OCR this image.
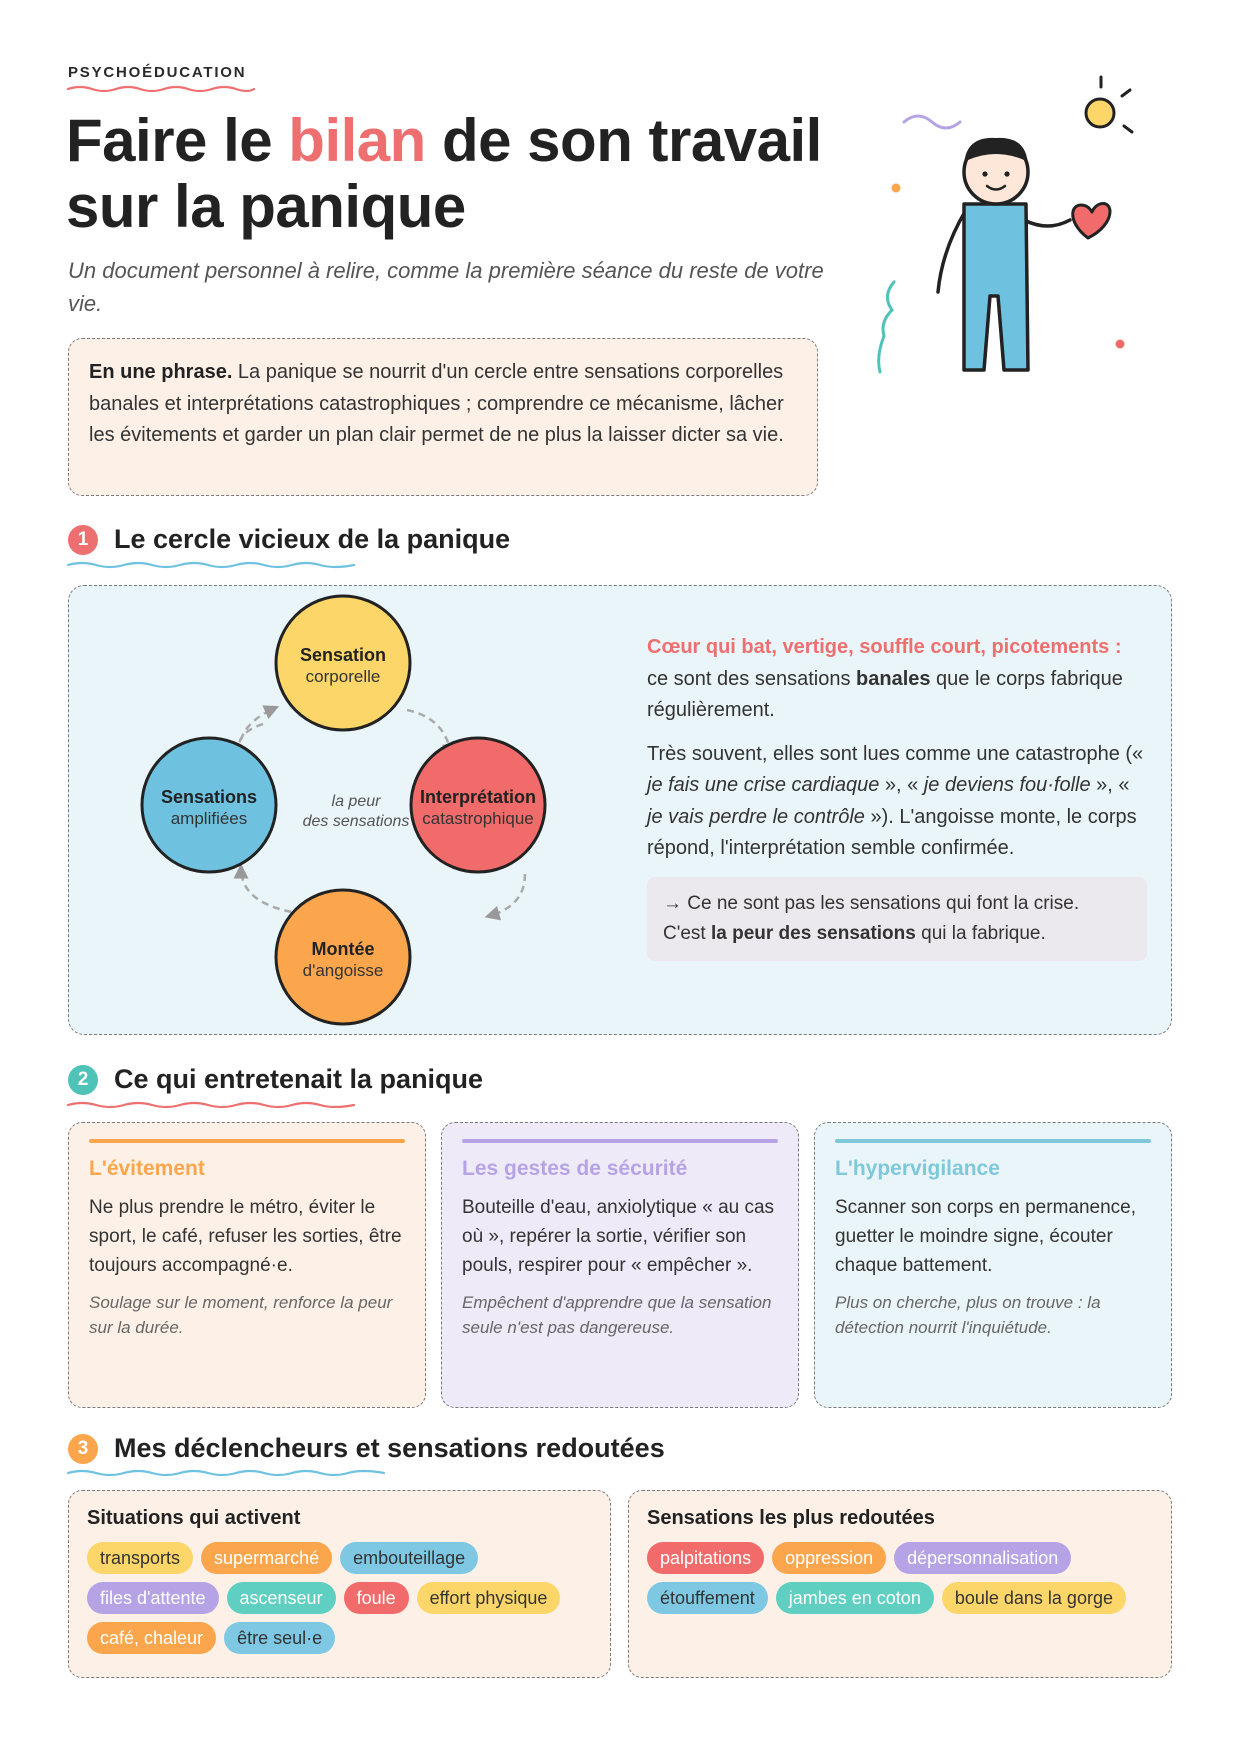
PSYCHOÉDUCATION
Faire le bilan de son travail sur la panique
Un document personnel à relire, comme la première séance du reste de votre vie.
En une phrase. La panique se nourrit d'un cercle entre sensations corporelles banales et interprétations catastrophiques ; comprendre ce mécanisme, lâcher les évitements et garder un plan clair permet de ne plus la laisser dicter sa vie.
1 Le cercle vicieux de la panique
Sensation
corporelle
Interprétation
catastrophique
Montée
d'angoisse
Sensations
amplifiées
la peur
des sensations

Cœur qui bat, vertige, souffle court, picotements : ce sont des sensations banales que le corps fabrique régulièrement.

Très souvent, elles sont lues comme une catastrophe (« je fais une crise cardiaque », « je deviens fou·folle », « je vais perdre le contrôle »). L'angoisse monte, le corps répond, l'interprétation semble confirmée.

→ Ce ne sont pas les sensations qui font la crise.
C'est la peur des sensations qui la fabrique.
2 Ce qui entretenait la panique
L'évitement
Ne plus prendre le métro, éviter le sport, le café, refuser les sorties, être toujours accompagné·e.
Soulage sur le moment, renforce la peur sur la durée.
Les gestes de sécurité
Bouteille d'eau, anxiolytique « au cas où », repérer la sortie, vérifier son pouls, respirer pour « empêcher ».
Empêchent d'apprendre que la sensation seule n'est pas dangereuse.
L'hypervigilance
Scanner son corps en permanence, guetter le moindre signe, écouter chaque battement.
Plus on cherche, plus on trouve : la détection nourrit l'inquiétude.
3 Mes déclencheurs et sensations redoutées
Situations qui activent
transports	supermarché	embouteillage
files d'attente	ascenseur	foule	effort physique
café, chaleur	être seul·e
Sensations les plus redoutées
palpitations	oppression	dépersonnalisation
étouffement	jambes en coton	boule dans la gorge
